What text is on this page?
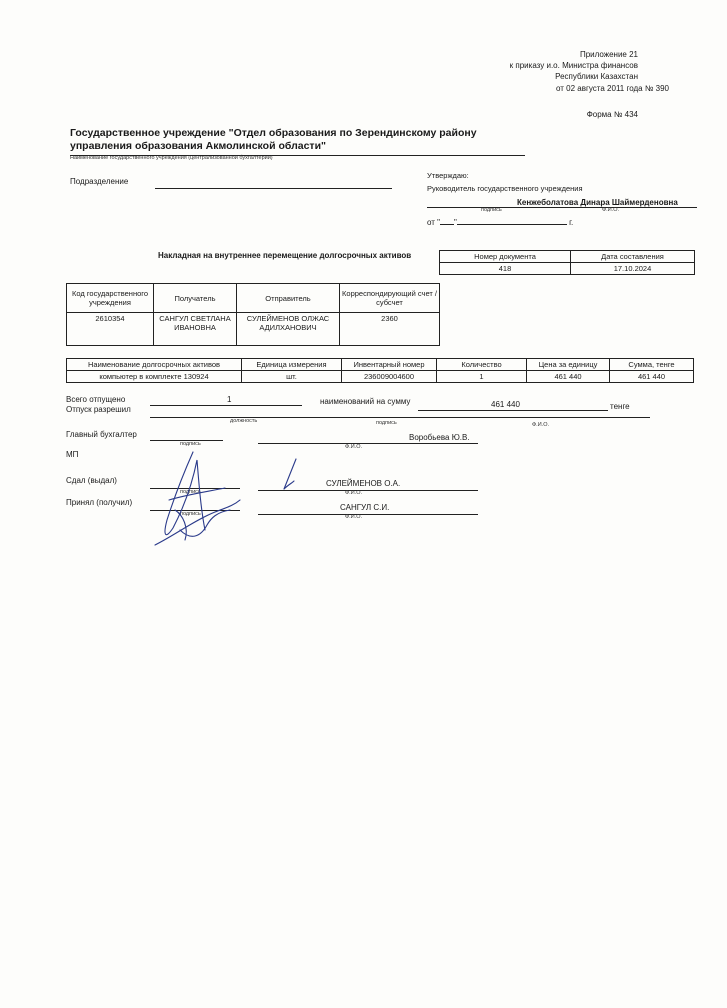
Приложение 21
к приказу и.о. Министра финансов
Республики Казахстан
от 02 августа 2011 года № 390
Форма № 434
Государственное учреждение "Отдел образования по Зерендинскому району
управления образования Акмолинской области"
Наименование государственного учреждения (централизованной бухгалтерии)
Подразделение
Утверждаю:
Руководитель государственного учреждения
Кенжеболатова Динара Шаймерденовна
подпись	Ф.И.О.
от " "	г.
Накладная на внутреннее перемещение долгосрочных активов	Номер документа	Дата составления
418	17.10.2024
Код государственного учреждения	Получатель	Отправитель	Корреспондирующий счет / субсчет
2610354	САНГУЛ СВЕТЛАНА ИВАНОВНА	СУЛЕЙМЕНОВ ОЛЖАС АДИЛХАНОВИЧ	2360
Наименование долгосрочных активов	Единица измерения	Инвентарный номер	Количество	Цена за единицу	Сумма, тенге
компьютер в комплекте 130924	шт.	236009004600	1	461 440	461 440
Всего отпущено	1	наименований на сумму	461 440	тенге
Отпуск разрешил
должность	подпись	Ф.И.О.
Главный бухгалтер
подпись
Воробьева Ю.В.
Ф.И.О.
МП
Сдал (выдал)
подпись
СУЛЕЙМЕНОВ О.А.
Ф.И.О.
Принял (получил)
подпись
САНГУЛ С.И.
Ф.И.О.
